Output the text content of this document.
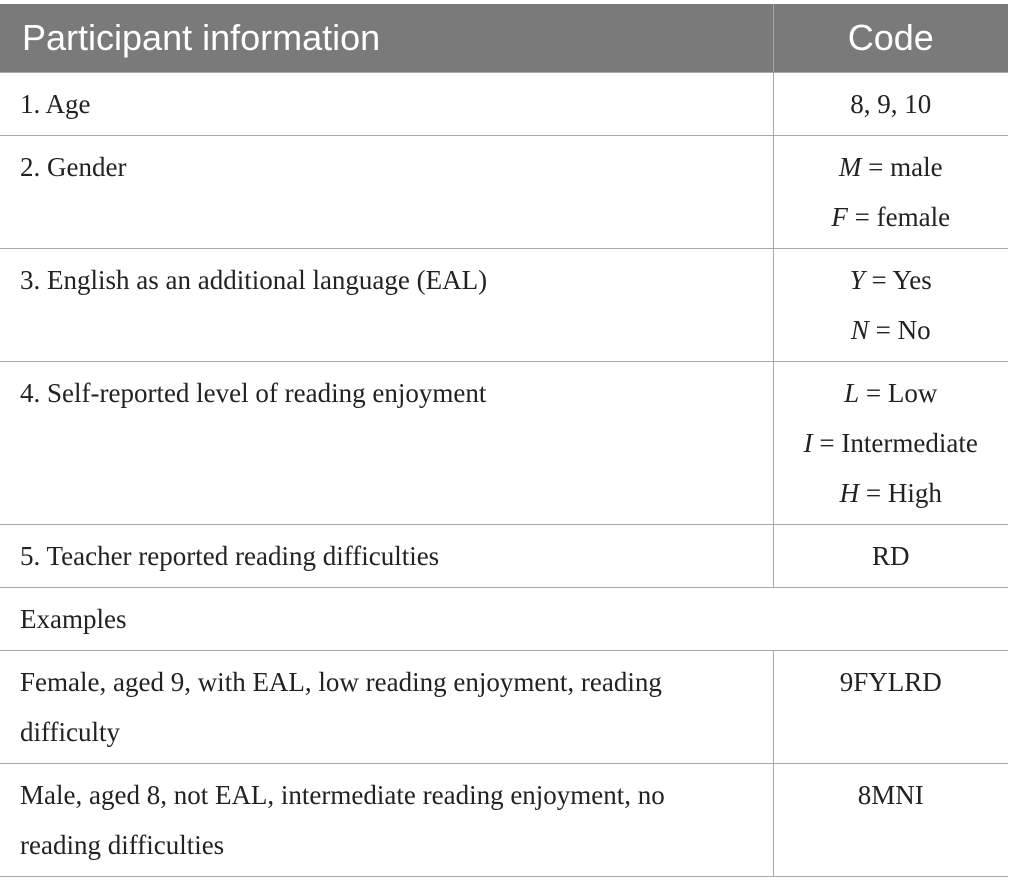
Participant information	Code
1. Age	8, 9, 10
2. Gender	M = male
F = female

3. English as an additional language (EAL)	Y = Yes
N = No

4. Self-reported level of reading enjoyment	L = Low
I = Intermediate
H = High

5. Teacher reported reading difficulties	RD
Examples	

Female, aged 9, with EAL, low reading enjoyment, reading
difficulty	9FYLRD

Male, aged 8, not EAL, intermediate reading enjoyment, no
reading difficulties	8MNI
